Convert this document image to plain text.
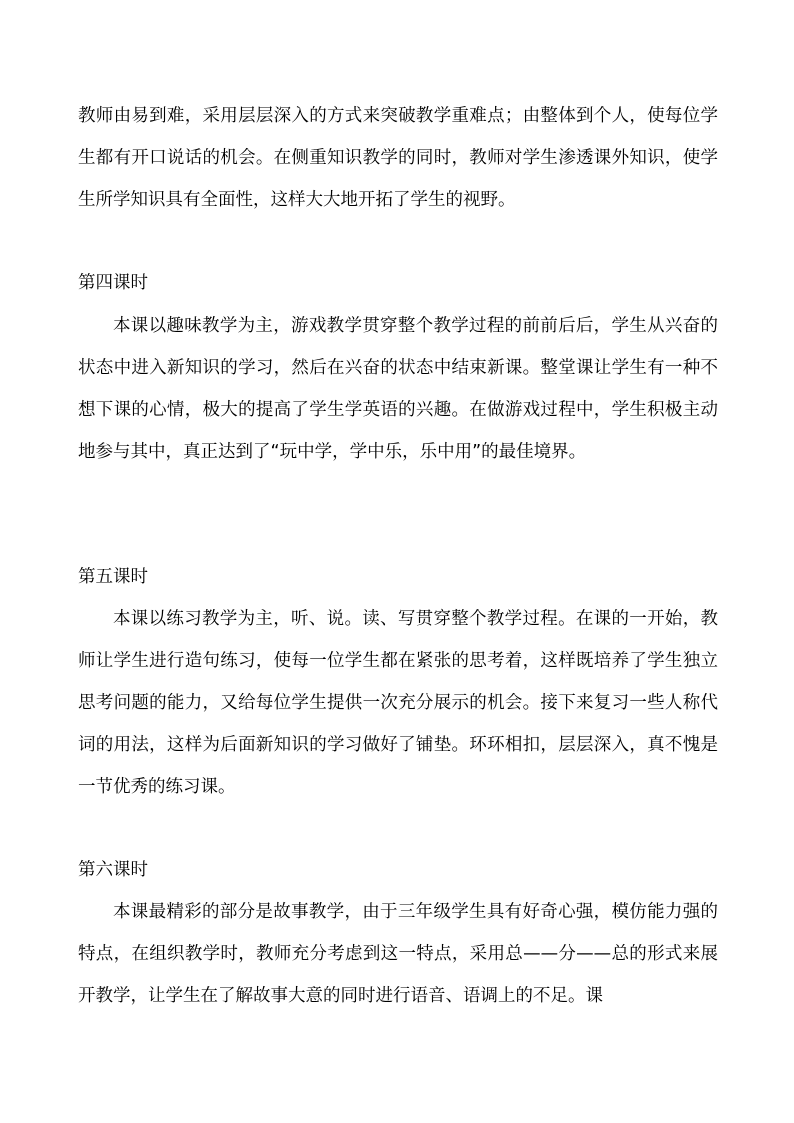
教师由易到难，采用层层深入的方式来突破教学重难点；由整体到个人，使每位学生都有开口说话的机会。在侧重知识教学的同时，教师对学生渗透课外知识，使学生所学知识具有全面性，这样大大地开拓了学生的视野。

第四课时

本课以趣味教学为主，游戏教学贯穿整个教学过程的前前后后，学生从兴奋的状态中进入新知识的学习，然后在兴奋的状态中结束新课。整堂课让学生有一种不想下课的心情，极大的提高了学生学英语的兴趣。在做游戏过程中，学生积极主动地参与其中，真正达到了“玩中学，学中乐，乐中用”的最佳境界。

第五课时

本课以练习教学为主，听、说。读、写贯穿整个教学过程。在课的一开始，教师让学生进行造句练习，使每一位学生都在紧张的思考着，这样既培养了学生独立思考问题的能力，又给每位学生提供一次充分展示的机会。接下来复习一些人称代词的用法，这样为后面新知识的学习做好了铺垫。环环相扣，层层深入，真不愧是一节优秀的练习课。

第六课时

本课最精彩的部分是故事教学，由于三年级学生具有好奇心强，模仿能力强的特点，在组织教学时，教师充分考虑到这一特点，采用总——分——总的形式来展开教学，让学生在了解故事大意的同时进行语音、语调上的不足。课
